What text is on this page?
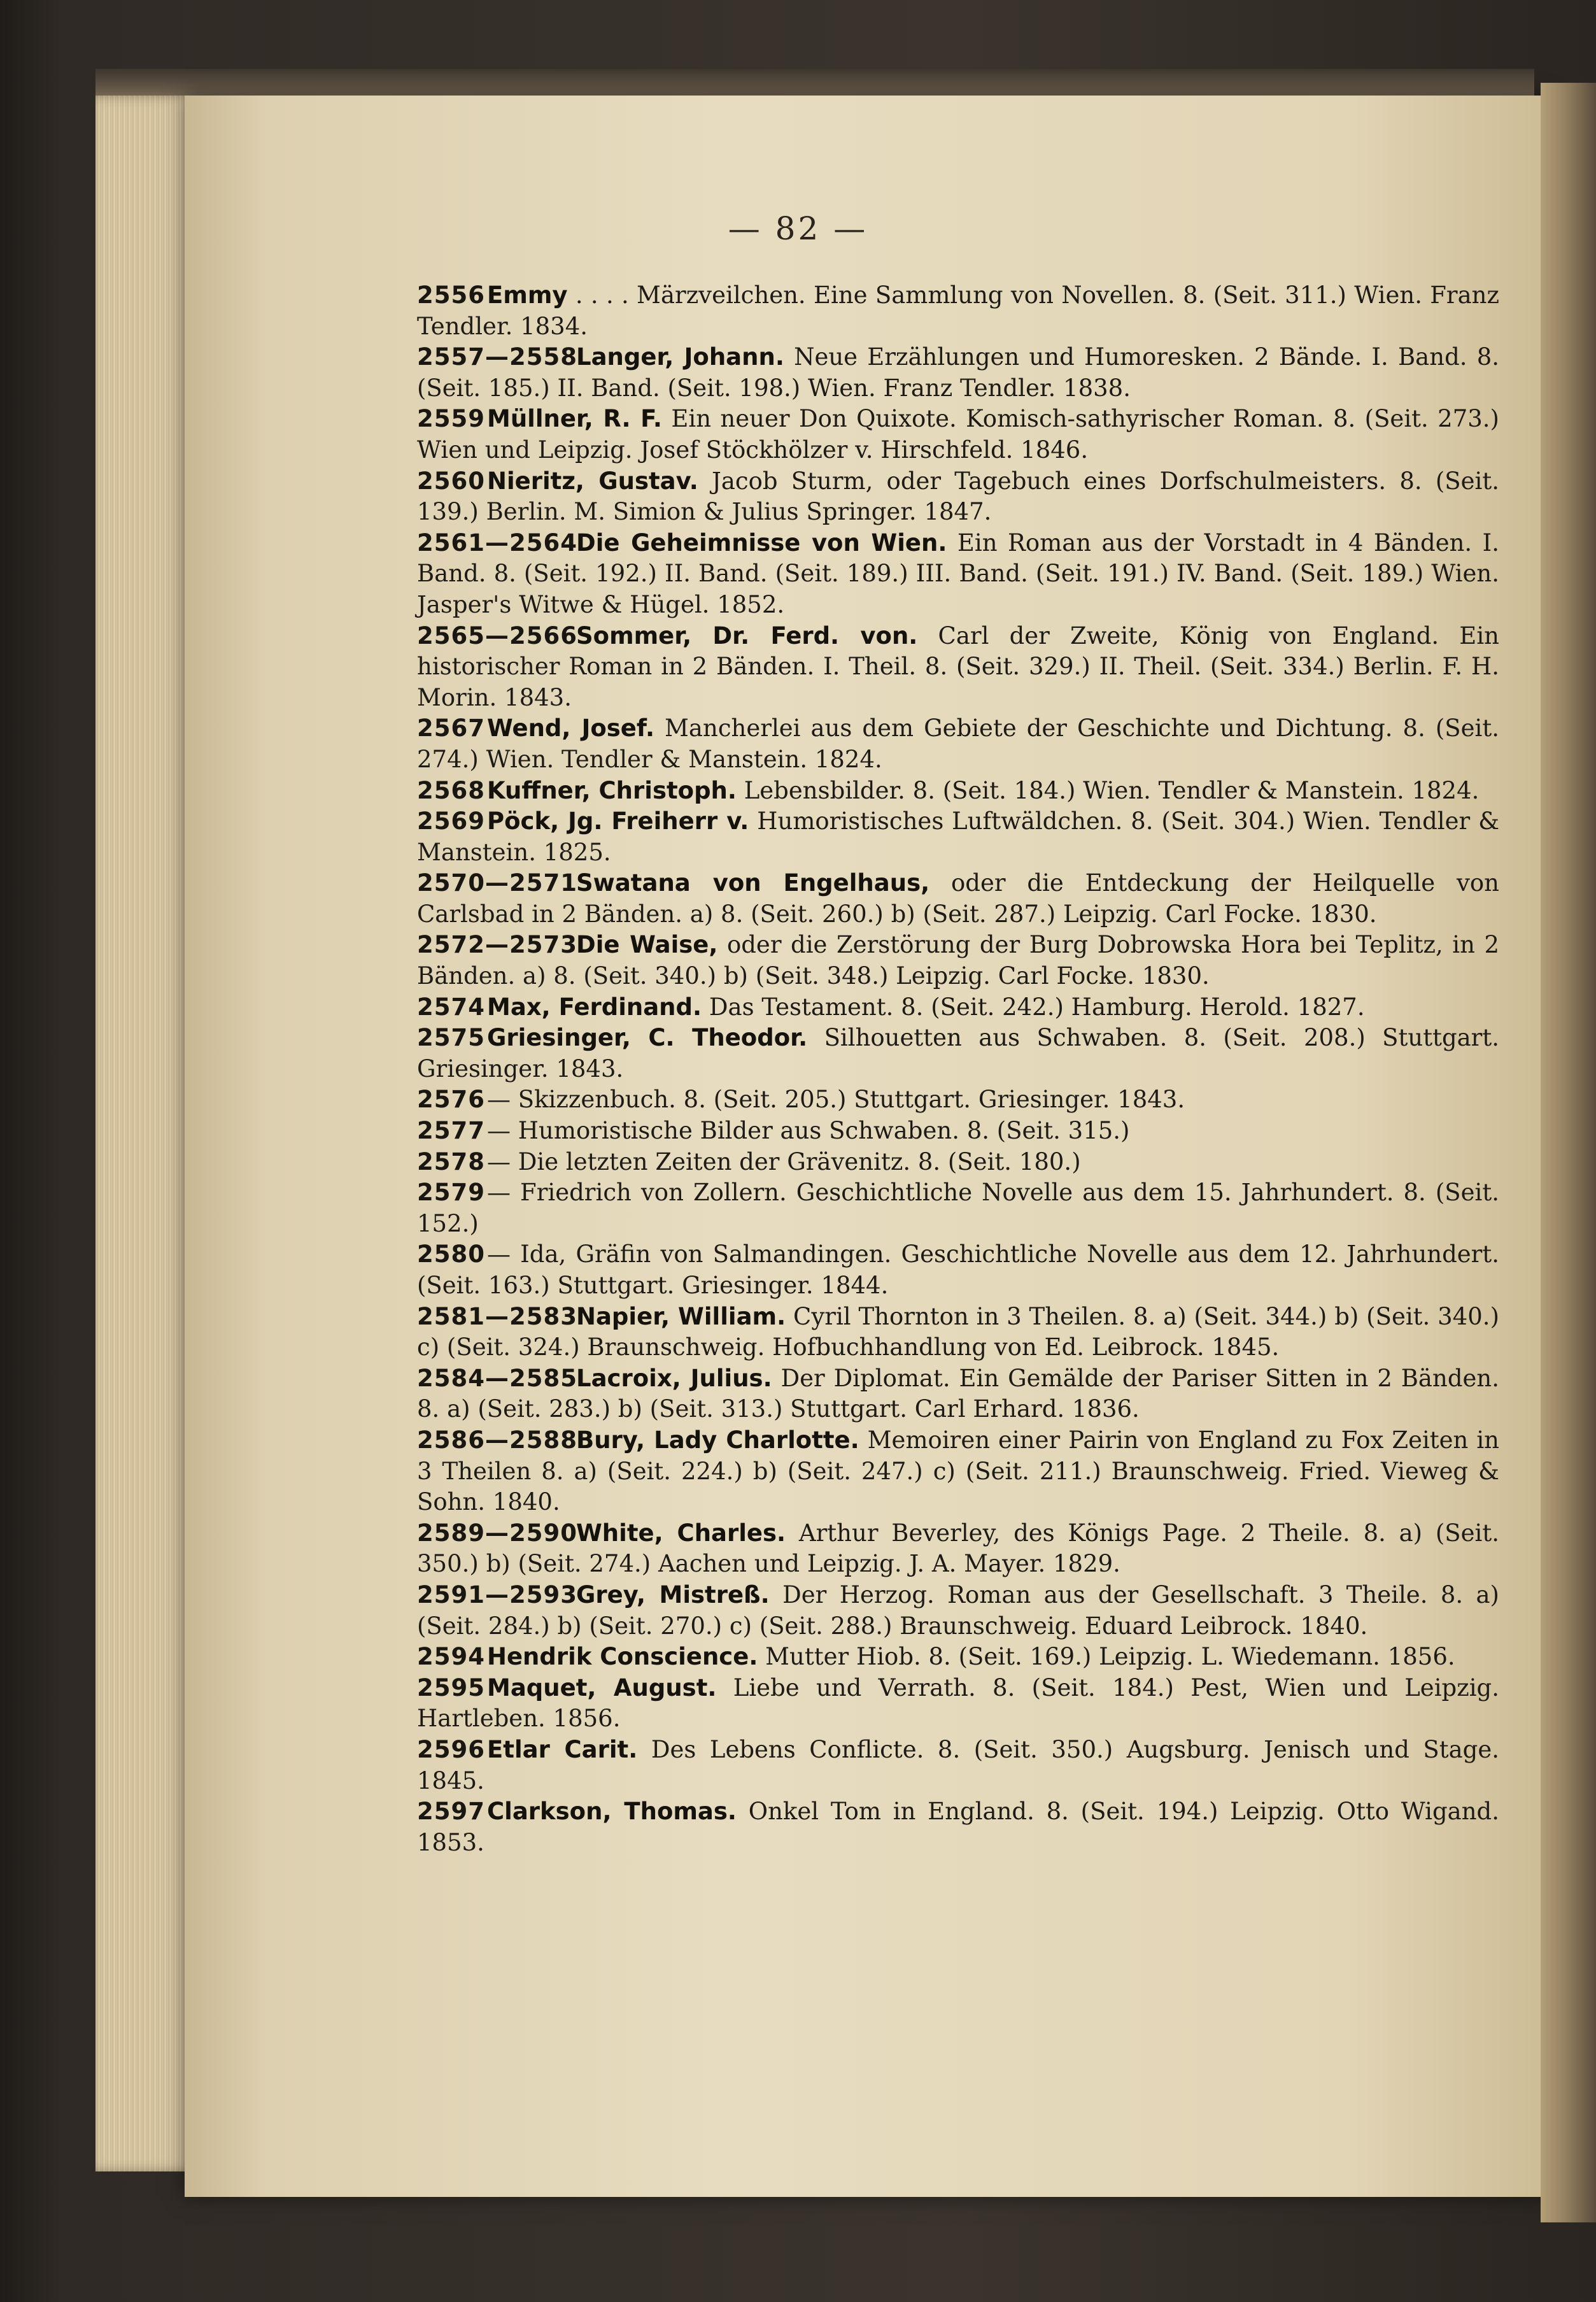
— 82 —

2556 Emmy . . . . Märzveilchen. Eine Sammlung von Novellen. 8. (Seit. 311.) Wien. Franz Tendler. 1834.

2557—2558
Langer, Johann. Neue Erzählungen und Humoresken. 2 Bände. I. Band. 8. (Seit. 185.) II. Band. (Seit. 198.) Wien. Franz Tendler. 1838.

2559 Müllner, R. F. Ein neuer Don Quixote. Komisch-sathyrischer Roman. 8. (Seit. 273.) Wien und Leipzig. Josef Stöckhölzer v. Hirschfeld. 1846.

2560 Nieritz, Gustav. Jacob Sturm, oder Tagebuch eines Dorfschulmeisters. 8. (Seit. 139.) Berlin. M. Simion & Julius Springer. 1847.

2561—2564
Die Geheimnisse von Wien. Ein Roman aus der Vorstadt in 4 Bänden. I. Band. 8. (Seit. 192.) II. Band. (Seit. 189.) III. Band. (Seit. 191.) IV. Band. (Seit. 189.) Wien. Jasper's Witwe & Hügel. 1852.

2565—2566
Sommer, Dr. Ferd. von. Carl der Zweite, König von England. Ein historischer Roman in 2 Bänden. I. Theil. 8. (Seit. 329.) II. Theil. (Seit. 334.) Berlin. F. H. Morin. 1843.

2567 Wend, Josef. Mancherlei aus dem Gebiete der Geschichte und Dichtung. 8. (Seit. 274.) Wien. Tendler & Manstein. 1824.

2568 Kuffner, Christoph. Lebensbilder. 8. (Seit. 184.) Wien. Tendler & Manstein. 1824.

2569 Pöck, Jg. Freiherr v. Humoristisches Luftwäldchen. 8. (Seit. 304.) Wien. Tendler & Manstein. 1825.

2570—2571
Swatana von Engelhaus, oder die Entdeckung der Heilquelle von Carlsbad in 2 Bänden. a) 8. (Seit. 260.) b) (Seit. 287.) Leipzig. Carl Focke. 1830.

2572—2573
Die Waise, oder die Zerstörung der Burg Dobrowska Hora bei Teplitz, in 2 Bänden. a) 8. (Seit. 340.) b) (Seit. 348.) Leipzig. Carl Focke. 1830.

2574 Max, Ferdinand. Das Testament. 8. (Seit. 242.) Hamburg. Herold. 1827.

2575 Griesinger, C. Theodor. Silhouetten aus Schwaben. 8. (Seit. 208.) Stuttgart. Griesinger. 1843.

2576 — Skizzenbuch. 8. (Seit. 205.) Stuttgart. Griesinger. 1843.

2577 — Humoristische Bilder aus Schwaben. 8. (Seit. 315.)

2578 — Die letzten Zeiten der Grävenitz. 8. (Seit. 180.)

2579 — Friedrich von Zollern. Geschichtliche Novelle aus dem 15. Jahrhundert. 8. (Seit. 152.)

2580 — Ida, Gräfin von Salmandingen. Geschichtliche Novelle aus dem 12. Jahrhundert. (Seit. 163.) Stuttgart. Griesinger. 1844.

2581—2583
Napier, William. Cyril Thornton in 3 Theilen. 8. a) (Seit. 344.) b) (Seit. 340.) c) (Seit. 324.) Braunschweig. Hofbuchhandlung von Ed. Leibrock. 1845.

2584—2585
Lacroix, Julius. Der Diplomat. Ein Gemälde der Pariser Sitten in 2 Bänden. 8. a) (Seit. 283.) b) (Seit. 313.) Stuttgart. Carl Erhard. 1836.

2586—2588
Bury, Lady Charlotte. Memoiren einer Pairin von England zu Fox Zeiten in 3 Theilen 8. a) (Seit. 224.) b) (Seit. 247.) c) (Seit. 211.) Braunschweig. Fried. Vieweg & Sohn. 1840.

2589—2590
White, Charles. Arthur Beverley, des Königs Page. 2 Theile. 8. a) (Seit. 350.) b) (Seit. 274.) Aachen und Leipzig. J. A. Mayer. 1829.

2591—2593
Grey, Mistreß. Der Herzog. Roman aus der Gesellschaft. 3 Theile. 8. a) (Seit. 284.) b) (Seit. 270.) c) (Seit. 288.) Braunschweig. Eduard Leibrock. 1840.

2594 Hendrik Conscience. Mutter Hiob. 8. (Seit. 169.) Leipzig. L. Wiedemann. 1856.

2595 Maquet, August. Liebe und Verrath. 8. (Seit. 184.) Pest, Wien und Leipzig. Hartleben. 1856.

2596 Etlar Carit. Des Lebens Conflicte. 8. (Seit. 350.) Augsburg. Jenisch und Stage. 1845.

2597 Clarkson, Thomas. Onkel Tom in England. 8. (Seit. 194.) Leipzig. Otto Wigand. 1853.
